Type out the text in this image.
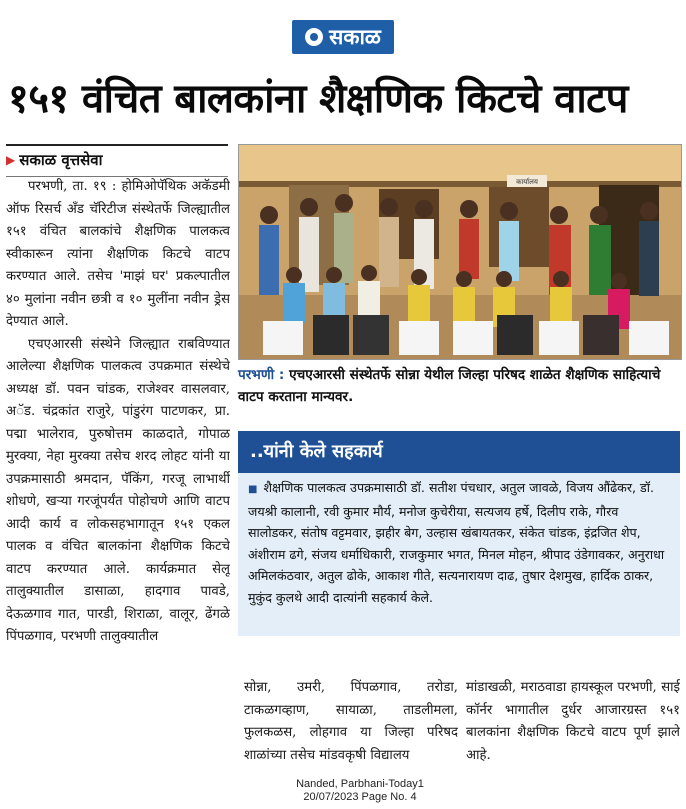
सकाळ
१५१ वंचित बालकांना शैक्षणिक किटचे वाटप
▶ सकाळ वृत्तसेवा

परभणी, ता. १९ : होमिओपॅथिक अकॅडमी ऑफ रिसर्च अँड चॅरिटीज संस्थेतर्फे जिल्ह्यातील १५१ वंचित बालकांचे शैक्षणिक पालकत्व स्वीकारून त्यांना शैक्षणिक किटचे वाटप करण्यात आले. तसेच 'माझं घर' प्रकल्पातील ४० मुलांना नवीन छत्री व १० मुलींना नवीन ड्रेस देण्यात आले.

एचएआरसी संस्थेने जिल्ह्यात राबविण्यात आलेल्या शैक्षणिक पालकत्व उपक्रमात संस्थेचे अध्यक्ष डॉ. पवन चांडक, राजेश्वर वासलवार, अॅड. चंद्रकांत राजुरे, पांडुरंग पाटणकर, प्रा. पद्मा भालेराव, पुरुषोत्तम काळदाते, गोपाळ मुरक्या, नेहा मुरक्या तसेच शरद लोहट यांनी या उपक्रमासाठी श्रमदान, पॅकिंग, गरजू लाभार्थी शोधणे, खऱ्या गरजूंपर्यंत पोहोचणे आणि वाटप आदी कार्य व लोकसहभागातून १५१ एकल पालक व वंचित बालकांना शैक्षणिक किटचे वाटप करण्यात आले. कार्यक्रमात सेलू तालुक्यातील डासाळा, हादगाव पावडे, देऊळगाव गात, पारडी, शिराळा, वालूर, ढेंगळे पिंपळगाव, परभणी तालुक्यातील

कार्यालय
परभणी : एचएआरसी संस्थेतर्फे सोन्ना येथील जिल्हा परिषद शाळेत शैक्षणिक साहित्याचे वाटप करताना मान्यवर.
..यांनी केले सहकार्य
■ शैक्षणिक पालकत्व उपक्रमासाठी डॉ. सतीश पंचधार, अतुल जावळे, विजय औंढेकर, डॉ. जयश्री कालानी, रवी कुमार मौर्य, मनोज कुचेरीया, सत्यजय हर्षे, दिलीप राके, गौरव सालोडकर, संतोष वट्टमवार, झहीर बेग, उल्हास खंबायतकर, संकेत चांडक, इंद्रजित शेप, अंशीराम ढगे, संजय धर्माधिकारी, राजकुमार भगत, मिनल मोहन, श्रीपाद उंडेगावकर, अनुराधा अमिलकंठवार, अतुल ढोके, आकाश गीते, सत्यनारायण दाढ, तुषार देशमुख, हार्दिक ठाकर, मुकुंद कुलथे आदी दात्यांनी सहकार्य केले.

सोन्ना, उमरी, पिंपळगाव, तरोडा, टाकळगव्हाण, सायाळा, ताडलीमला, फुलकळस, लोहगाव या जिल्हा परिषद शाळांच्या तसेच मांडवकृषी विद्यालय

मांडाखळी, मराठवाडा हायस्कूल परभणी, साई कॉर्नर भागातील दुर्धर आजारग्रस्त १५१ बालकांना शैक्षणिक किटचे वाटप पूर्ण झाले आहे.

Nanded, Parbhani-Today1
20/07/2023 Page No. 4
